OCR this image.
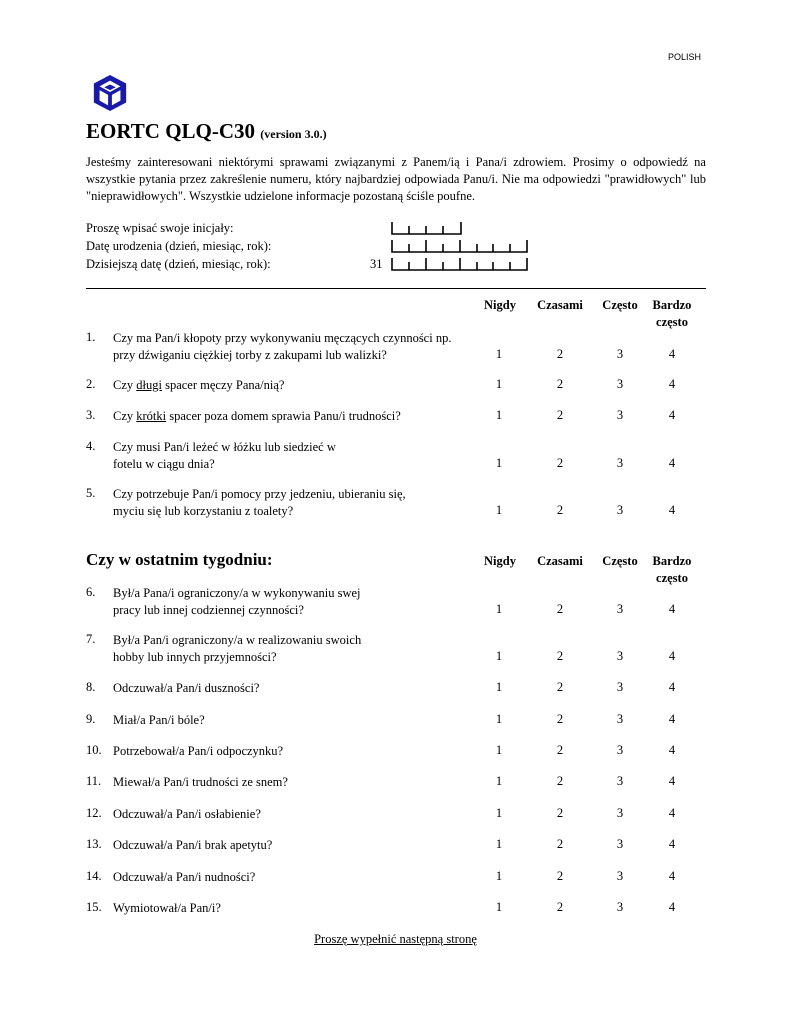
POLISH
EORTC QLQ-C30 (version 3.0.)
Jesteśmy zainteresowani niektórymi sprawami związanymi z Panem/ią i Pana/i zdrowiem. Prosimy o odpowiedź na wszystkie pytania przez zakreślenie numeru, który najbardziej odpowiada Panu/i. Nie ma odpowiedzi "prawidłowych" lub "nieprawidłowych". Wszystkie udzielone informacje pozostaną ściśle poufne.
Proszę wpisać swoje inicjały:
Datę urodzenia (dzień, miesiąc, rok):
Dzisiejszą datę (dzień, miesiąc, rok):	31
Nigdy	Czasami	Często	Bardzo
często
Czy w ostatnim tygodniu:	Nigdy	Czasami	Często	Bardzo
często
1. Czy ma Pan/i kłopoty przy wykonywaniu męczących czynności np.
przy dźwiganiu ciężkiej torby z zakupami lub walizki?	1	2	3	4
2. Czy długi spacer męczy Pana/nią?	1	2	3	4
3. Czy krótki spacer poza domem sprawia Panu/i trudności?	1	2	3	4
4. Czy musi Pan/i leżeć w łóżku lub siedzieć w
fotelu w ciągu dnia?	1	2	3	4
5. Czy potrzebuje Pan/i pomocy przy jedzeniu, ubieraniu się,
myciu się lub korzystaniu z toalety?	1	2	3	4
6. Był/a Pana/i ograniczony/a w wykonywaniu swej
pracy lub innej codziennej czynności?	1	2	3	4
7. Był/a Pan/i ograniczony/a w realizowaniu swoich
hobby lub innych przyjemności?	1	2	3	4
8. Odczuwał/a Pan/i duszności?	1	2	3	4
9. Miał/a Pan/i bóle?	1	2	3	4
10. Potrzebował/a Pan/i odpoczynku?	1	2	3	4
11. Miewał/a Pan/i trudności ze snem?	1	2	3	4
12. Odczuwał/a Pan/i osłabienie?	1	2	3	4
13. Odczuwał/a Pan/i brak apetytu?	1	2	3	4
14. Odczuwał/a Pan/i nudności?	1	2	3	4
15. Wymiotował/a Pan/i?	1	2	3	4
Proszę wypełnić następną stronę
